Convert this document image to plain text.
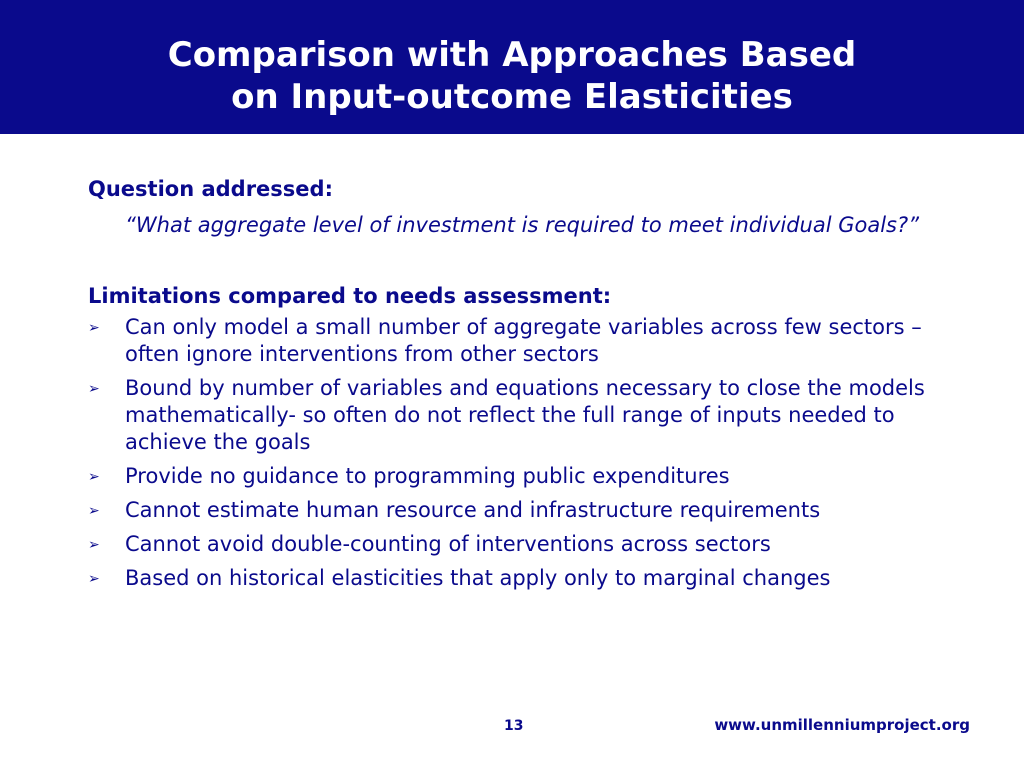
Comparison with Approaches Based
on Input-outcome Elasticities

Question addressed:

“What aggregate level of investment is required to meet individual Goals?”

Limitations compared to needs assessment:

➢ Can only model a small number of aggregate variables across few sectors – often ignore interventions from other sectors
➢ Bound by number of variables and equations necessary to close the models mathematically- so often do not reflect the full range of inputs needed to achieve the goals
➢ Provide no guidance to programming public expenditures
➢ Cannot estimate human resource and infrastructure requirements
➢ Cannot avoid double-counting of interventions across sectors
➢ Based on historical elasticities that apply only to marginal changes
13	www.unmillenniumproject.org
